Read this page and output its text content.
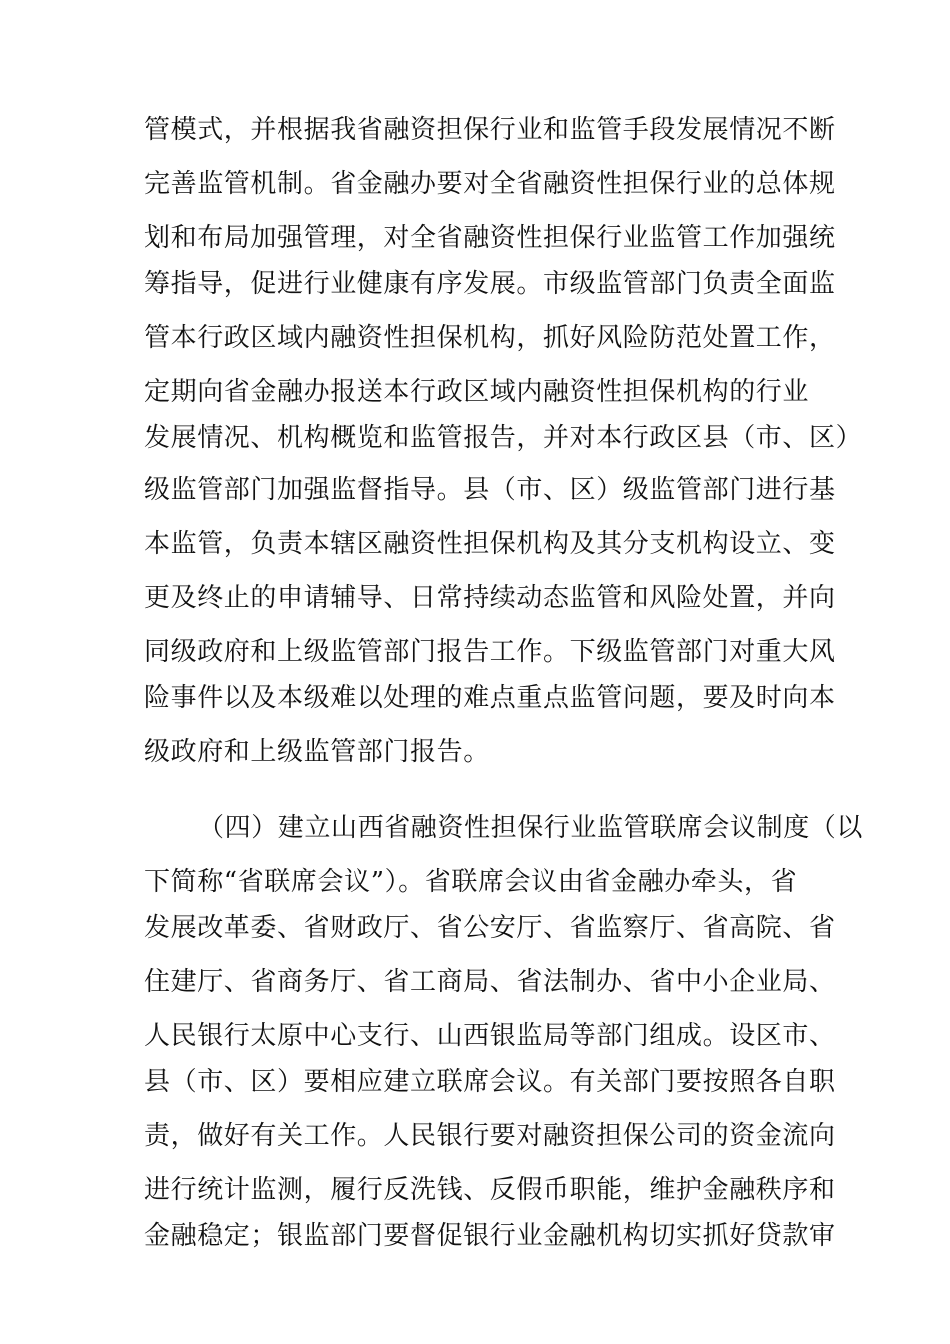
管模式，并根据我省融资担保行业和监管手段发展情况不断
完善监管机制。省金融办要对全省融资性担保行业的总体规
划和布局加强管理，对全省融资性担保行业监管工作加强统
筹指导，促进行业健康有序发展。市级监管部门负责全面监
管本行政区域内融资性担保机构，抓好风险防范处置工作，
定期向省金融办报送本行政区域内融资性担保机构的行业
发展情况、机构概览和监管报告，并对本行政区县（市、区）
级监管部门加强监督指导。县（市、区）级监管部门进行基
本监管，负责本辖区融资性担保机构及其分支机构设立、变
更及终止的申请辅导、日常持续动态监管和风险处置，并向
同级政府和上级监管部门报告工作。下级监管部门对重大风
险事件以及本级难以处理的难点重点监管问题，要及时向本
级政府和上级监管部门报告。
（四）建立山西省融资性担保行业监管联席会议制度（以
下简称“省联席会议”）。省联席会议由省金融办牵头，省
发展改革委、省财政厅、省公安厅、省监察厅、省高院、省
住建厅、省商务厅、省工商局、省法制办、省中小企业局、
人民银行太原中心支行、山西银监局等部门组成。设区市、
县（市、区）要相应建立联席会议。有关部门要按照各自职
责，做好有关工作。人民银行要对融资担保公司的资金流向
进行统计监测，履行反洗钱、反假币职能，维护金融秩序和
金融稳定；银监部门要督促银行业金融机构切实抓好贷款审
